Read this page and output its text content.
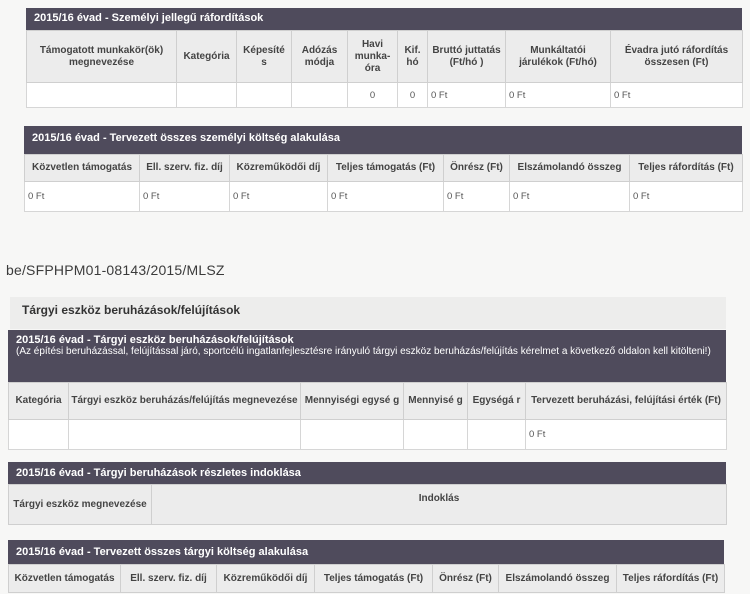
2015/16 évad - Személyi jellegű ráfordítások
Támogatott munkakör(ök) megnevezése	Kategória	Képesíté s	Adózás módja	Havi munka-óra	Kif. hó	Bruttó juttatás (Ft/hó )	Munkáltatói járulékok (Ft/hó)	Évadra jutó ráfordítás összesen (Ft)
				0	0	0 Ft	0 Ft	0 Ft
2015/16 évad - Tervezett összes személyi költség alakulása
Közvetlen támogatás	Ell. szerv. fiz. díj	Közreműködői díj	Teljes támogatás (Ft)	Önrész (Ft)	Elszámolandó összeg	Teljes ráfordítás (Ft)
0 Ft	0 Ft	0 Ft	0 Ft	0 Ft	0 Ft	0 Ft
be/SFPHPM01-08143/2015/MLSZ
Tárgyi eszköz beruházások/felújítások
2015/16 évad - Tárgyi eszköz beruházások/felújítások
(Az építési beruházással, felújítással járó, sportcélú ingatlanfejlesztésre irányuló tárgyi eszköz beruházás/felújítás kérelmet a következő oldalon kell kitölteni!)
Kategória	Tárgyi eszköz beruházás/felújítás megnevezése	Mennyiségi egysé g	Mennyisé g	Egységá r	Tervezett beruházási, felújítási érték (Ft)
					0 Ft
2015/16 évad - Tárgyi beruházások részletes indoklása
Tárgyi eszköz megnevezése	Indoklás
2015/16 évad - Tervezett összes tárgyi költség alakulása
Közvetlen támogatás	Ell. szerv. fiz. díj	Közreműködői díj	Teljes támogatás (Ft)	Önrész (Ft)	Elszámolandó összeg	Teljes ráfordítás (Ft)
